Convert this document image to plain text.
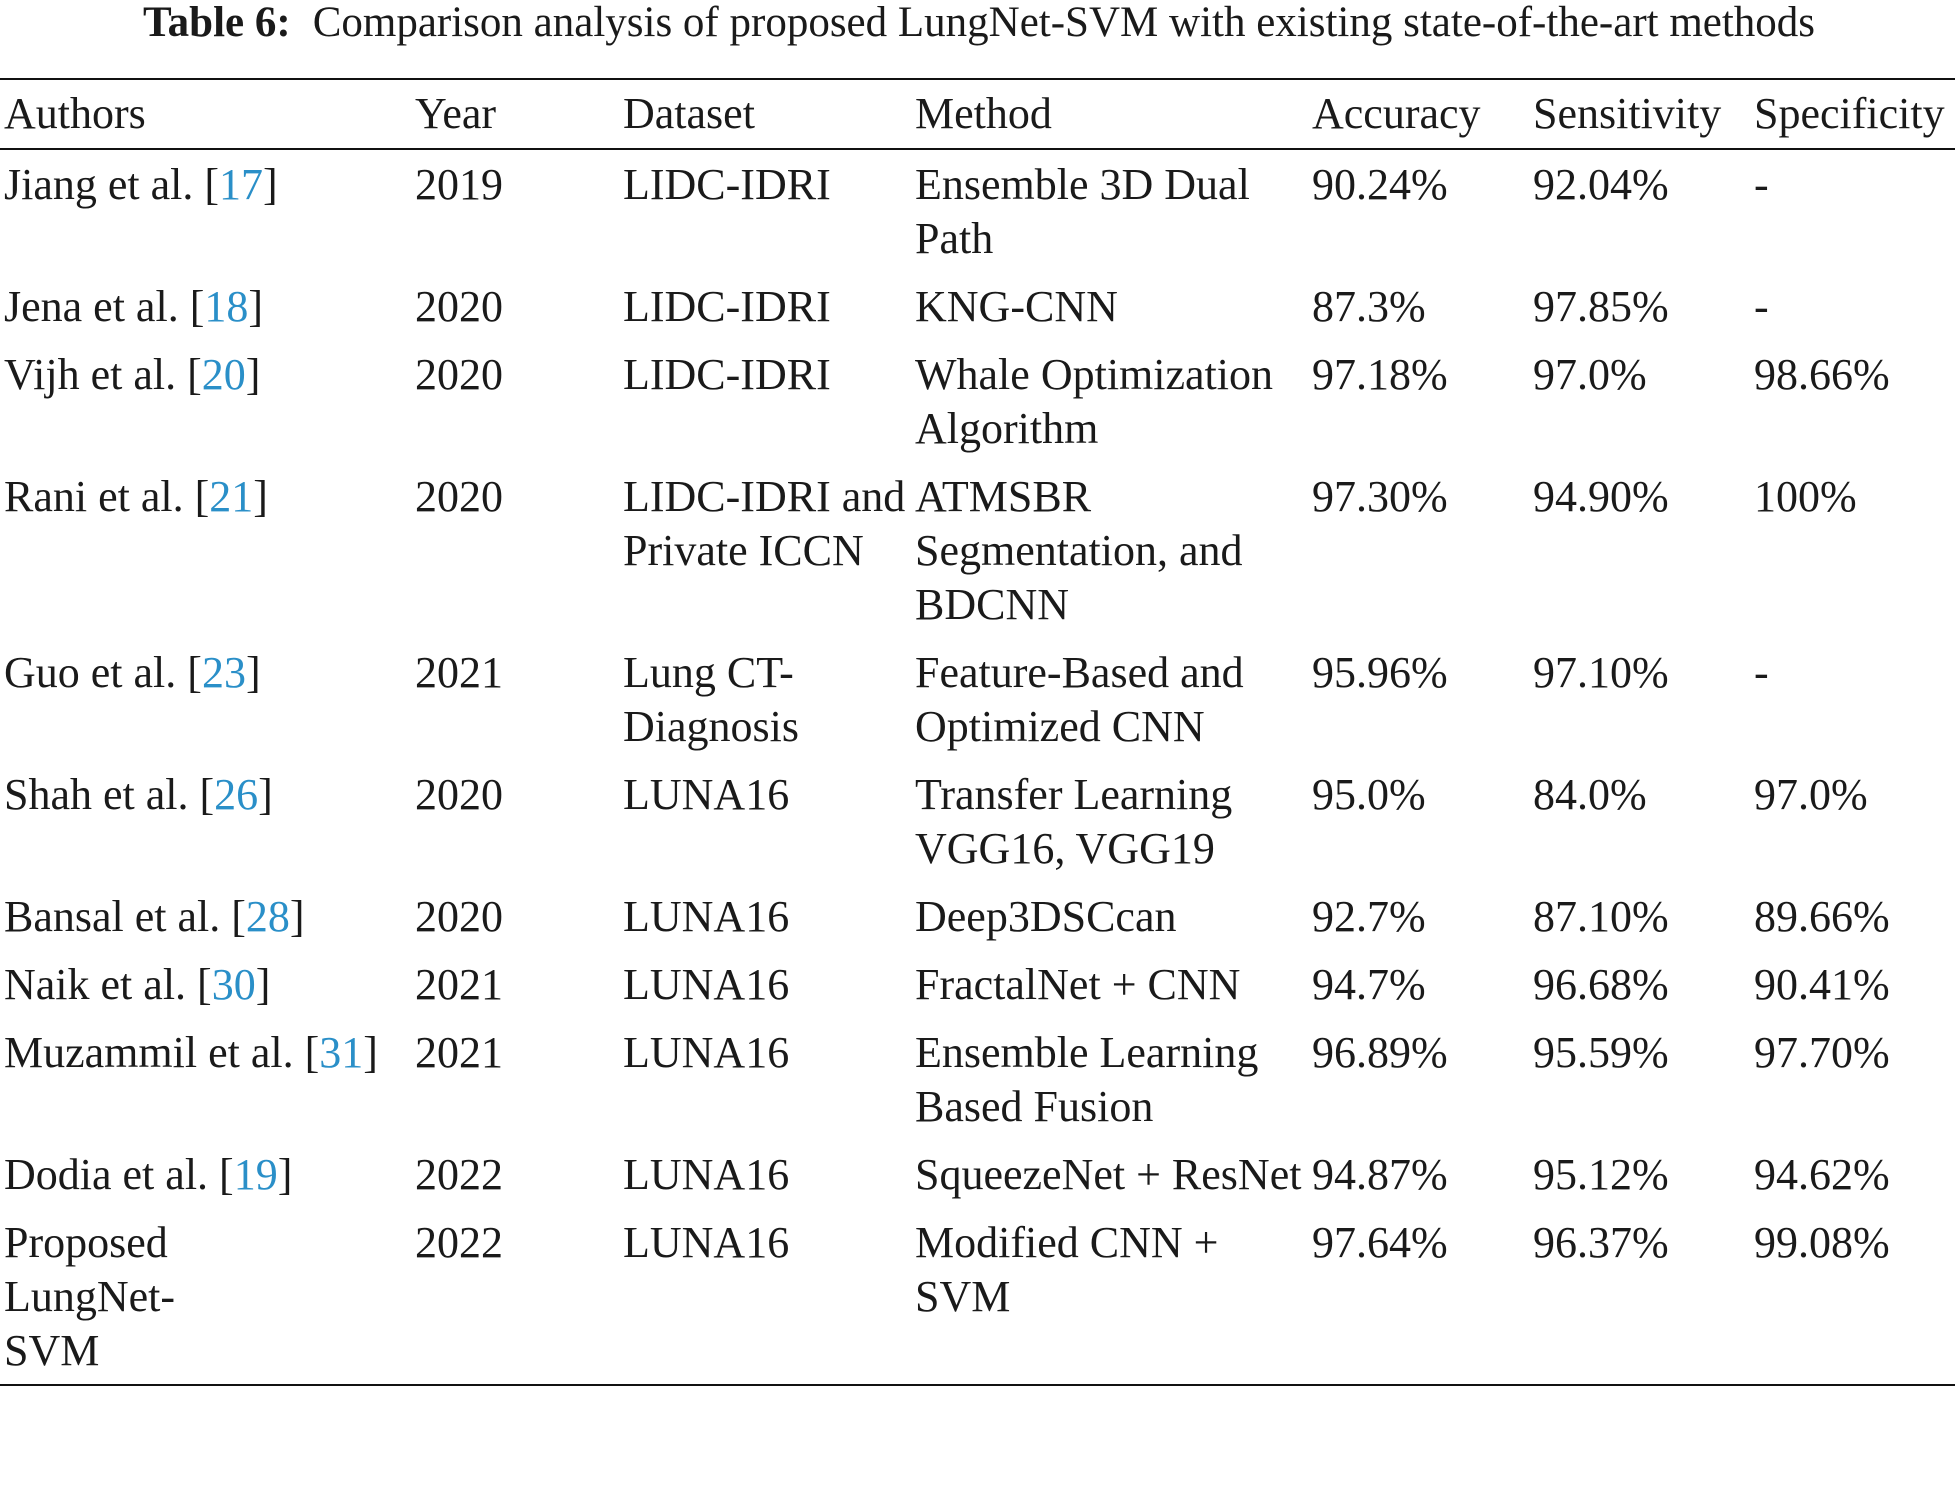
Table 6: Comparison analysis of proposed LungNet-SVM with existing state-of-the-art methods
Authors	Year	Dataset	Method	Accuracy	Sensitivity	Specificity
Jiang et al. [17]	2019	LIDC-IDRI	Ensemble 3D Dual Path	90.24%	92.04%	-
Jena et al. [18]	2020	LIDC-IDRI	KNG-CNN	87.3%	97.85%	-
Vijh et al. [20]	2020	LIDC-IDRI	Whale Optimization Algorithm	97.18%	97.0%	98.66%
Rani et al. [21]	2020	LIDC-IDRI and Private ICCN	ATMSBR Segmentation, and BDCNN	97.30%	94.90%	100%
Guo et al. [23]	2021	Lung CT-Diagnosis	Feature-Based and Optimized CNN	95.96%	97.10%	-
Shah et al. [26]	2020	LUNA16	Transfer Learning VGG16, VGG19	95.0%	84.0%	97.0%
Bansal et al. [28]	2020	LUNA16	Deep3DSCcan	92.7%	87.10%	89.66%
Naik et al. [30]	2021	LUNA16	FractalNet + CNN	94.7%	96.68%	90.41%
Muzammil et al. [31]	2021	LUNA16	Ensemble Learning Based Fusion	96.89%	95.59%	97.70%
Dodia et al. [19]	2022	LUNA16	SqueezeNet + ResNet	94.87%	95.12%	94.62%
Proposed LungNet-SVM	2022	LUNA16	Modified CNN + SVM	97.64%	96.37%	99.08%
